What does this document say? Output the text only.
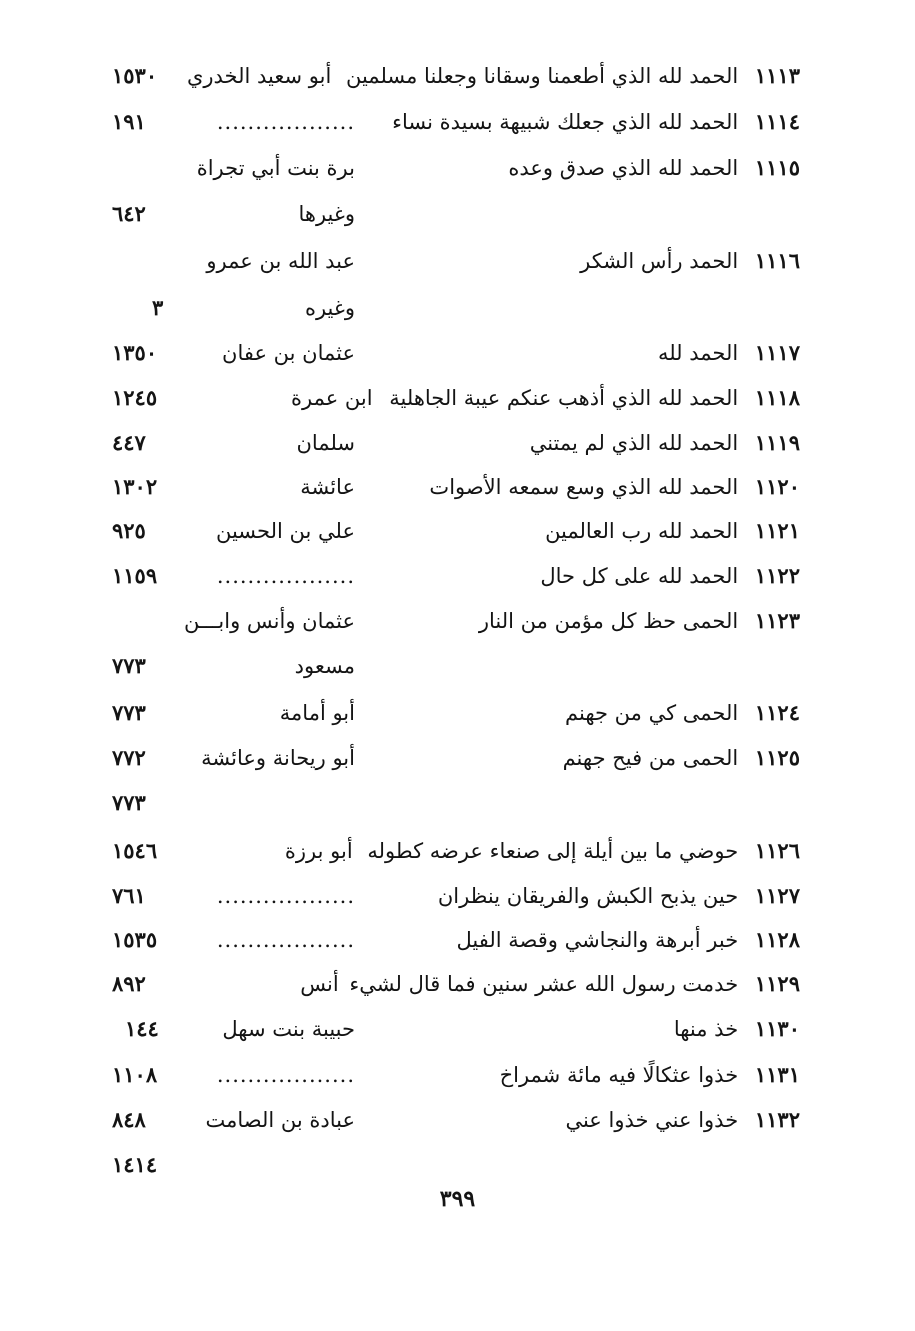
١١١٣ الحمد لله الذي أطعمنا وسقانا وجعلنا مسلمين أبو سعيد الخدري
١٥٣٠
١١١٤ الحمد لله الذي جعلك شبيهة بسيدة نساء
..................
١٩١
١١١٥ الحمد لله الذي صدق وعده
برة بنت أبي تجراة
وغيرها
٦٤٢
١١١٦ الحمد رأس الشكر
عبد الله بن عمرو
وغيره
٣
١١١٧ الحمد لله
عثمان بن عفان
١٣٥٠
١١١٨ الحمد لله الذي أذهب عنكم عيبة الجاهلية ابن عمرة
١٢٤٥
١١١٩ الحمد لله الذي لم يمتني
سلمان
٤٤٧
١١٢٠ الحمد لله الذي وسع سمعه الأصوات
عائشة
١٣٠٢
١١٢١ الحمد لله رب العالمين
علي بن الحسين
٩٢٥
١١٢٢ الحمد لله على كل حال
..................
١١٥٩
١١٢٣ الحمى حظ كل مؤمن من النار
عثمان وأنس وابـــن
مسعود
٧٧٣
١١٢٤ الحمى كي من جهنم
أبو أمامة
٧٧٣
١١٢٥ الحمى من فيح جهنم
أبو ريحانة وعائشة
٧٧٢
٧٧٣
١١٢٦ حوضي ما بين أيلة إلى صنعاء عرضه كطوله أبو برزة
١٥٤٦
١١٢٧ حين يذبح الكبش والفريقان ينظران
..................
٧٦١
١١٢٨ خبر أبرهة والنجاشي وقصة الفيل
..................
١٥٣٥
١١٢٩ خدمت رسول الله عشر سنين فما قال لشيء أنس
٨٩٢
١١٣٠ خذ منها
حبيبة بنت سهل
١٤٤
١١٣١ خذوا عثكالًا فيه مائة شمراخ
..................
١١٠٨
١١٣٢ خذوا عني خذوا عني
عبادة بن الصامت
٨٤٨
١٤١٤
٣٩٩
